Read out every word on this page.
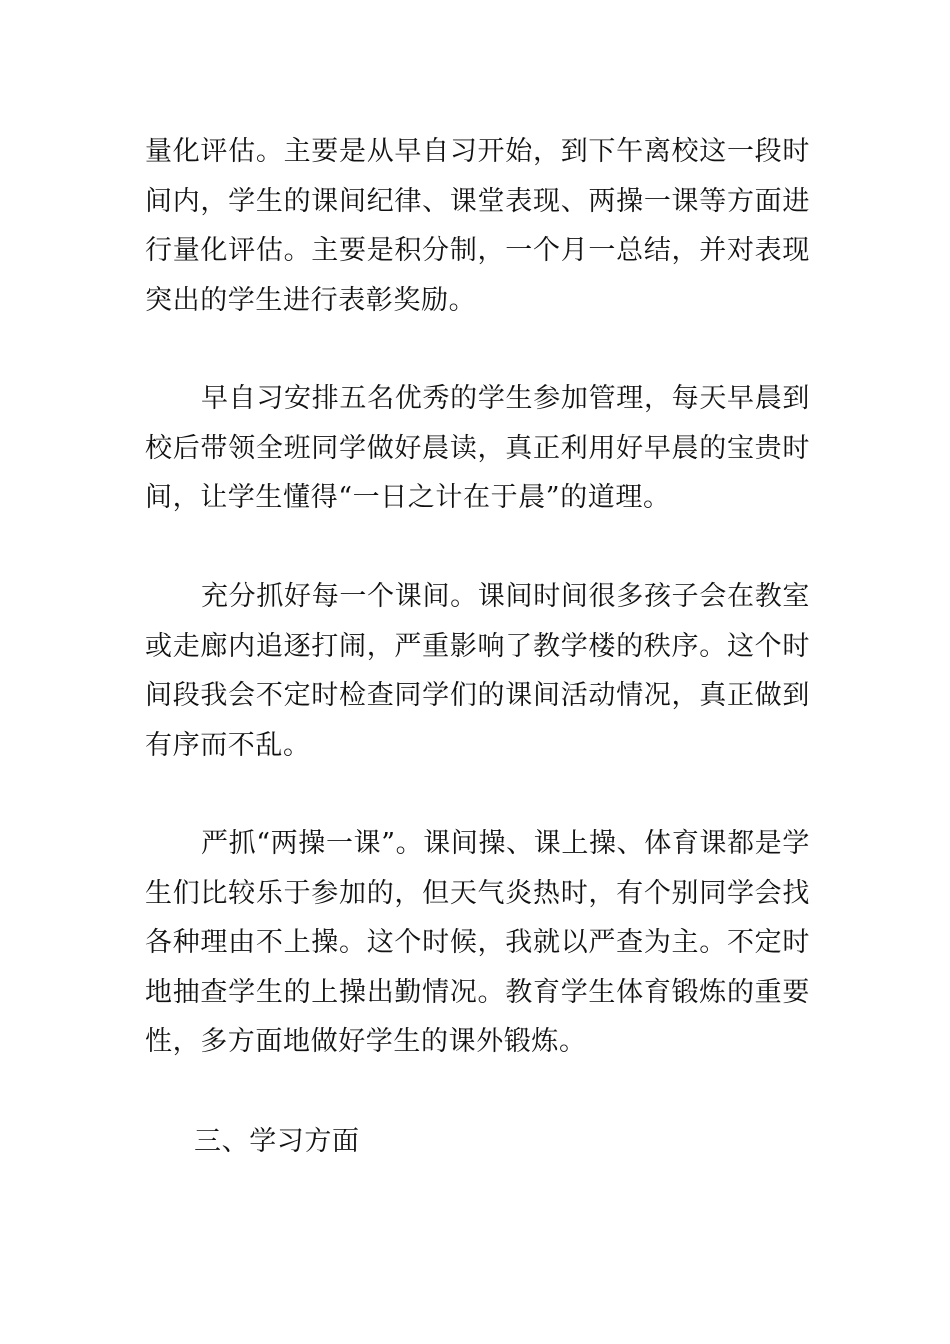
量化评估。主要是从早自习开始，到下午离校这一段时间内，学生的课间纪律、课堂表现、两操一课等方面进行量化评估。主要是积分制，一个月一总结，并对表现突出的学生进行表彰奖励。

早自习安排五名优秀的学生参加管理，每天早晨到校后带领全班同学做好晨读，真正利用好早晨的宝贵时间，让学生懂得“一日之计在于晨”的道理。

充分抓好每一个课间。课间时间很多孩子会在教室或走廊内追逐打闹，严重影响了教学楼的秩序。这个时间段我会不定时检查同学们的课间活动情况，真正做到有序而不乱。

严抓“两操一课”。课间操、课上操、体育课都是学生们比较乐于参加的，但天气炎热时，有个别同学会找各种理由不上操。这个时候，我就以严查为主。不定时地抽查学生的上操出勤情况。教育学生体育锻炼的重要性，多方面地做好学生的课外锻炼。

三、学习方面
